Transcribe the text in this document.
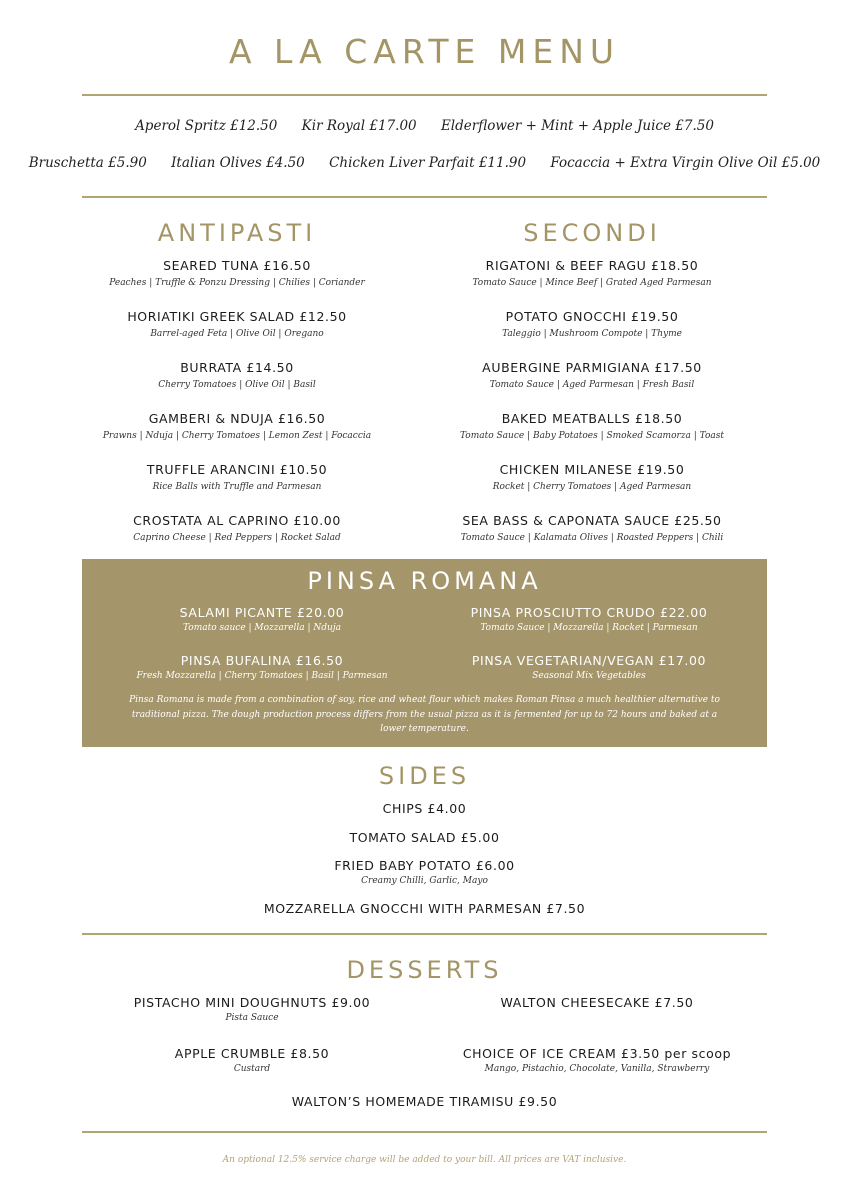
A LA CARTE MENU
Aperol Spritz £12.50 Kir Royal £17.00 Elderflower + Mint + Apple Juice £7.50
Bruschetta £5.90 Italian Olives £4.50 Chicken Liver Parfait £11.90 Focaccia + Extra Virgin Olive Oil £5.00
ANTIPASTI
SEARED TUNA £16.50
Peaches | Truffle & Ponzu Dressing | Chilies | Coriander
HORIATIKI GREEK SALAD £12.50
Barrel-aged Feta | Olive Oil | Oregano
BURRATA £14.50
Cherry Tomatoes | Olive Oil | Basil
GAMBERI & NDUJA £16.50
Prawns | Nduja | Cherry Tomatoes | Lemon Zest | Focaccia
TRUFFLE ARANCINI £10.50
Rice Balls with Truffle and Parmesan
CROSTATA AL CAPRINO £10.00
Caprino Cheese | Red Peppers | Rocket Salad
SECONDI
RIGATONI & BEEF RAGU £18.50
Tomato Sauce | Mince Beef | Grated Aged Parmesan
POTATO GNOCCHI £19.50
Taleggio | Mushroom Compote | Thyme
AUBERGINE PARMIGIANA £17.50
Tomato Sauce | Aged Parmesan | Fresh Basil
BAKED MEATBALLS £18.50
Tomato Sauce | Baby Potatoes | Smoked Scamorza | Toast
CHICKEN MILANESE £19.50
Rocket | Cherry Tomatoes | Aged Parmesan
SEA BASS & CAPONATA SAUCE £25.50
Tomato Sauce | Kalamata Olives | Roasted Peppers | Chili
PINSA ROMANA
SALAMI PICANTE £20.00
Tomato sauce | Mozzarella | Nduja
PINSA PROSCIUTTO CRUDO £22.00
Tomato Sauce | Mozzarella | Rocket | Parmesan
PINSA BUFALINA £16.50
Fresh Mozzarella | Cherry Tomatoes | Basil | Parmesan
PINSA VEGETARIAN/VEGAN £17.00
Seasonal Mix Vegetables
Pinsa Romana is made from a combination of soy, rice and wheat flour which makes Roman Pinsa a much healthier alternative to traditional pizza. The dough production process differs from the usual pizza as it is fermented for up to 72 hours and baked at a lower temperature.
SIDES
CHIPS £4.00
TOMATO SALAD £5.00
FRIED BABY POTATO £6.00
Creamy Chilli, Garlic, Mayo
MOZZARELLA GNOCCHI WITH PARMESAN £7.50
DESSERTS
PISTACHO MINI DOUGHNUTS £9.00
Pista Sauce
WALTON CHEESECAKE £7.50
APPLE CRUMBLE £8.50
Custard
CHOICE OF ICE CREAM £3.50 per scoop
Mango, Pistachio, Chocolate, Vanilla, Strawberry
WALTON’S HOMEMADE TIRAMISU £9.50
An optional 12.5% service charge will be added to your bill. All prices are VAT inclusive.
